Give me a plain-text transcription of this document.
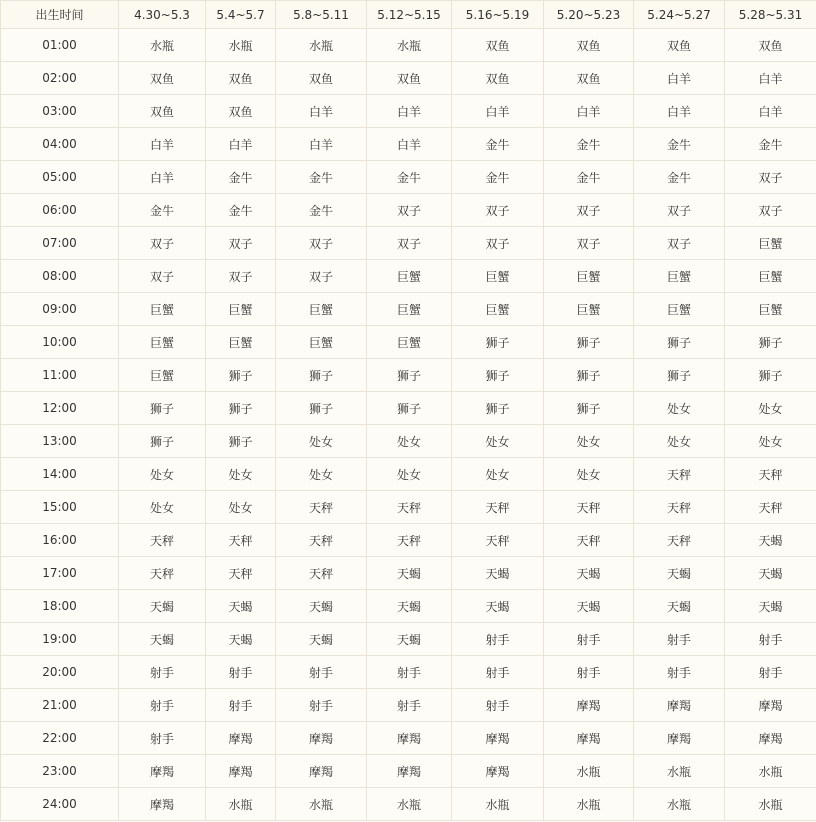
出生时间	4.30~5.3	5.4~5.7	5.8~5.11	5.12~5.15	5.16~5.19	5.20~5.23	5.24~5.27	5.28~5.31
01:00	水瓶	水瓶	水瓶	水瓶	双鱼	双鱼	双鱼	双鱼
02:00	双鱼	双鱼	双鱼	双鱼	双鱼	双鱼	白羊	白羊
03:00	双鱼	双鱼	白羊	白羊	白羊	白羊	白羊	白羊
04:00	白羊	白羊	白羊	白羊	金牛	金牛	金牛	金牛
05:00	白羊	金牛	金牛	金牛	金牛	金牛	金牛	双子
06:00	金牛	金牛	金牛	双子	双子	双子	双子	双子
07:00	双子	双子	双子	双子	双子	双子	双子	巨蟹
08:00	双子	双子	双子	巨蟹	巨蟹	巨蟹	巨蟹	巨蟹
09:00	巨蟹	巨蟹	巨蟹	巨蟹	巨蟹	巨蟹	巨蟹	巨蟹
10:00	巨蟹	巨蟹	巨蟹	巨蟹	狮子	狮子	狮子	狮子
11:00	巨蟹	狮子	狮子	狮子	狮子	狮子	狮子	狮子
12:00	狮子	狮子	狮子	狮子	狮子	狮子	处女	处女
13:00	狮子	狮子	处女	处女	处女	处女	处女	处女
14:00	处女	处女	处女	处女	处女	处女	天秤	天秤
15:00	处女	处女	天秤	天秤	天秤	天秤	天秤	天秤
16:00	天秤	天秤	天秤	天秤	天秤	天秤	天秤	天蝎
17:00	天秤	天秤	天秤	天蝎	天蝎	天蝎	天蝎	天蝎
18:00	天蝎	天蝎	天蝎	天蝎	天蝎	天蝎	天蝎	天蝎
19:00	天蝎	天蝎	天蝎	天蝎	射手	射手	射手	射手
20:00	射手	射手	射手	射手	射手	射手	射手	射手
21:00	射手	射手	射手	射手	射手	摩羯	摩羯	摩羯
22:00	射手	摩羯	摩羯	摩羯	摩羯	摩羯	摩羯	摩羯
23:00	摩羯	摩羯	摩羯	摩羯	摩羯	水瓶	水瓶	水瓶
24:00	摩羯	水瓶	水瓶	水瓶	水瓶	水瓶	水瓶	水瓶
